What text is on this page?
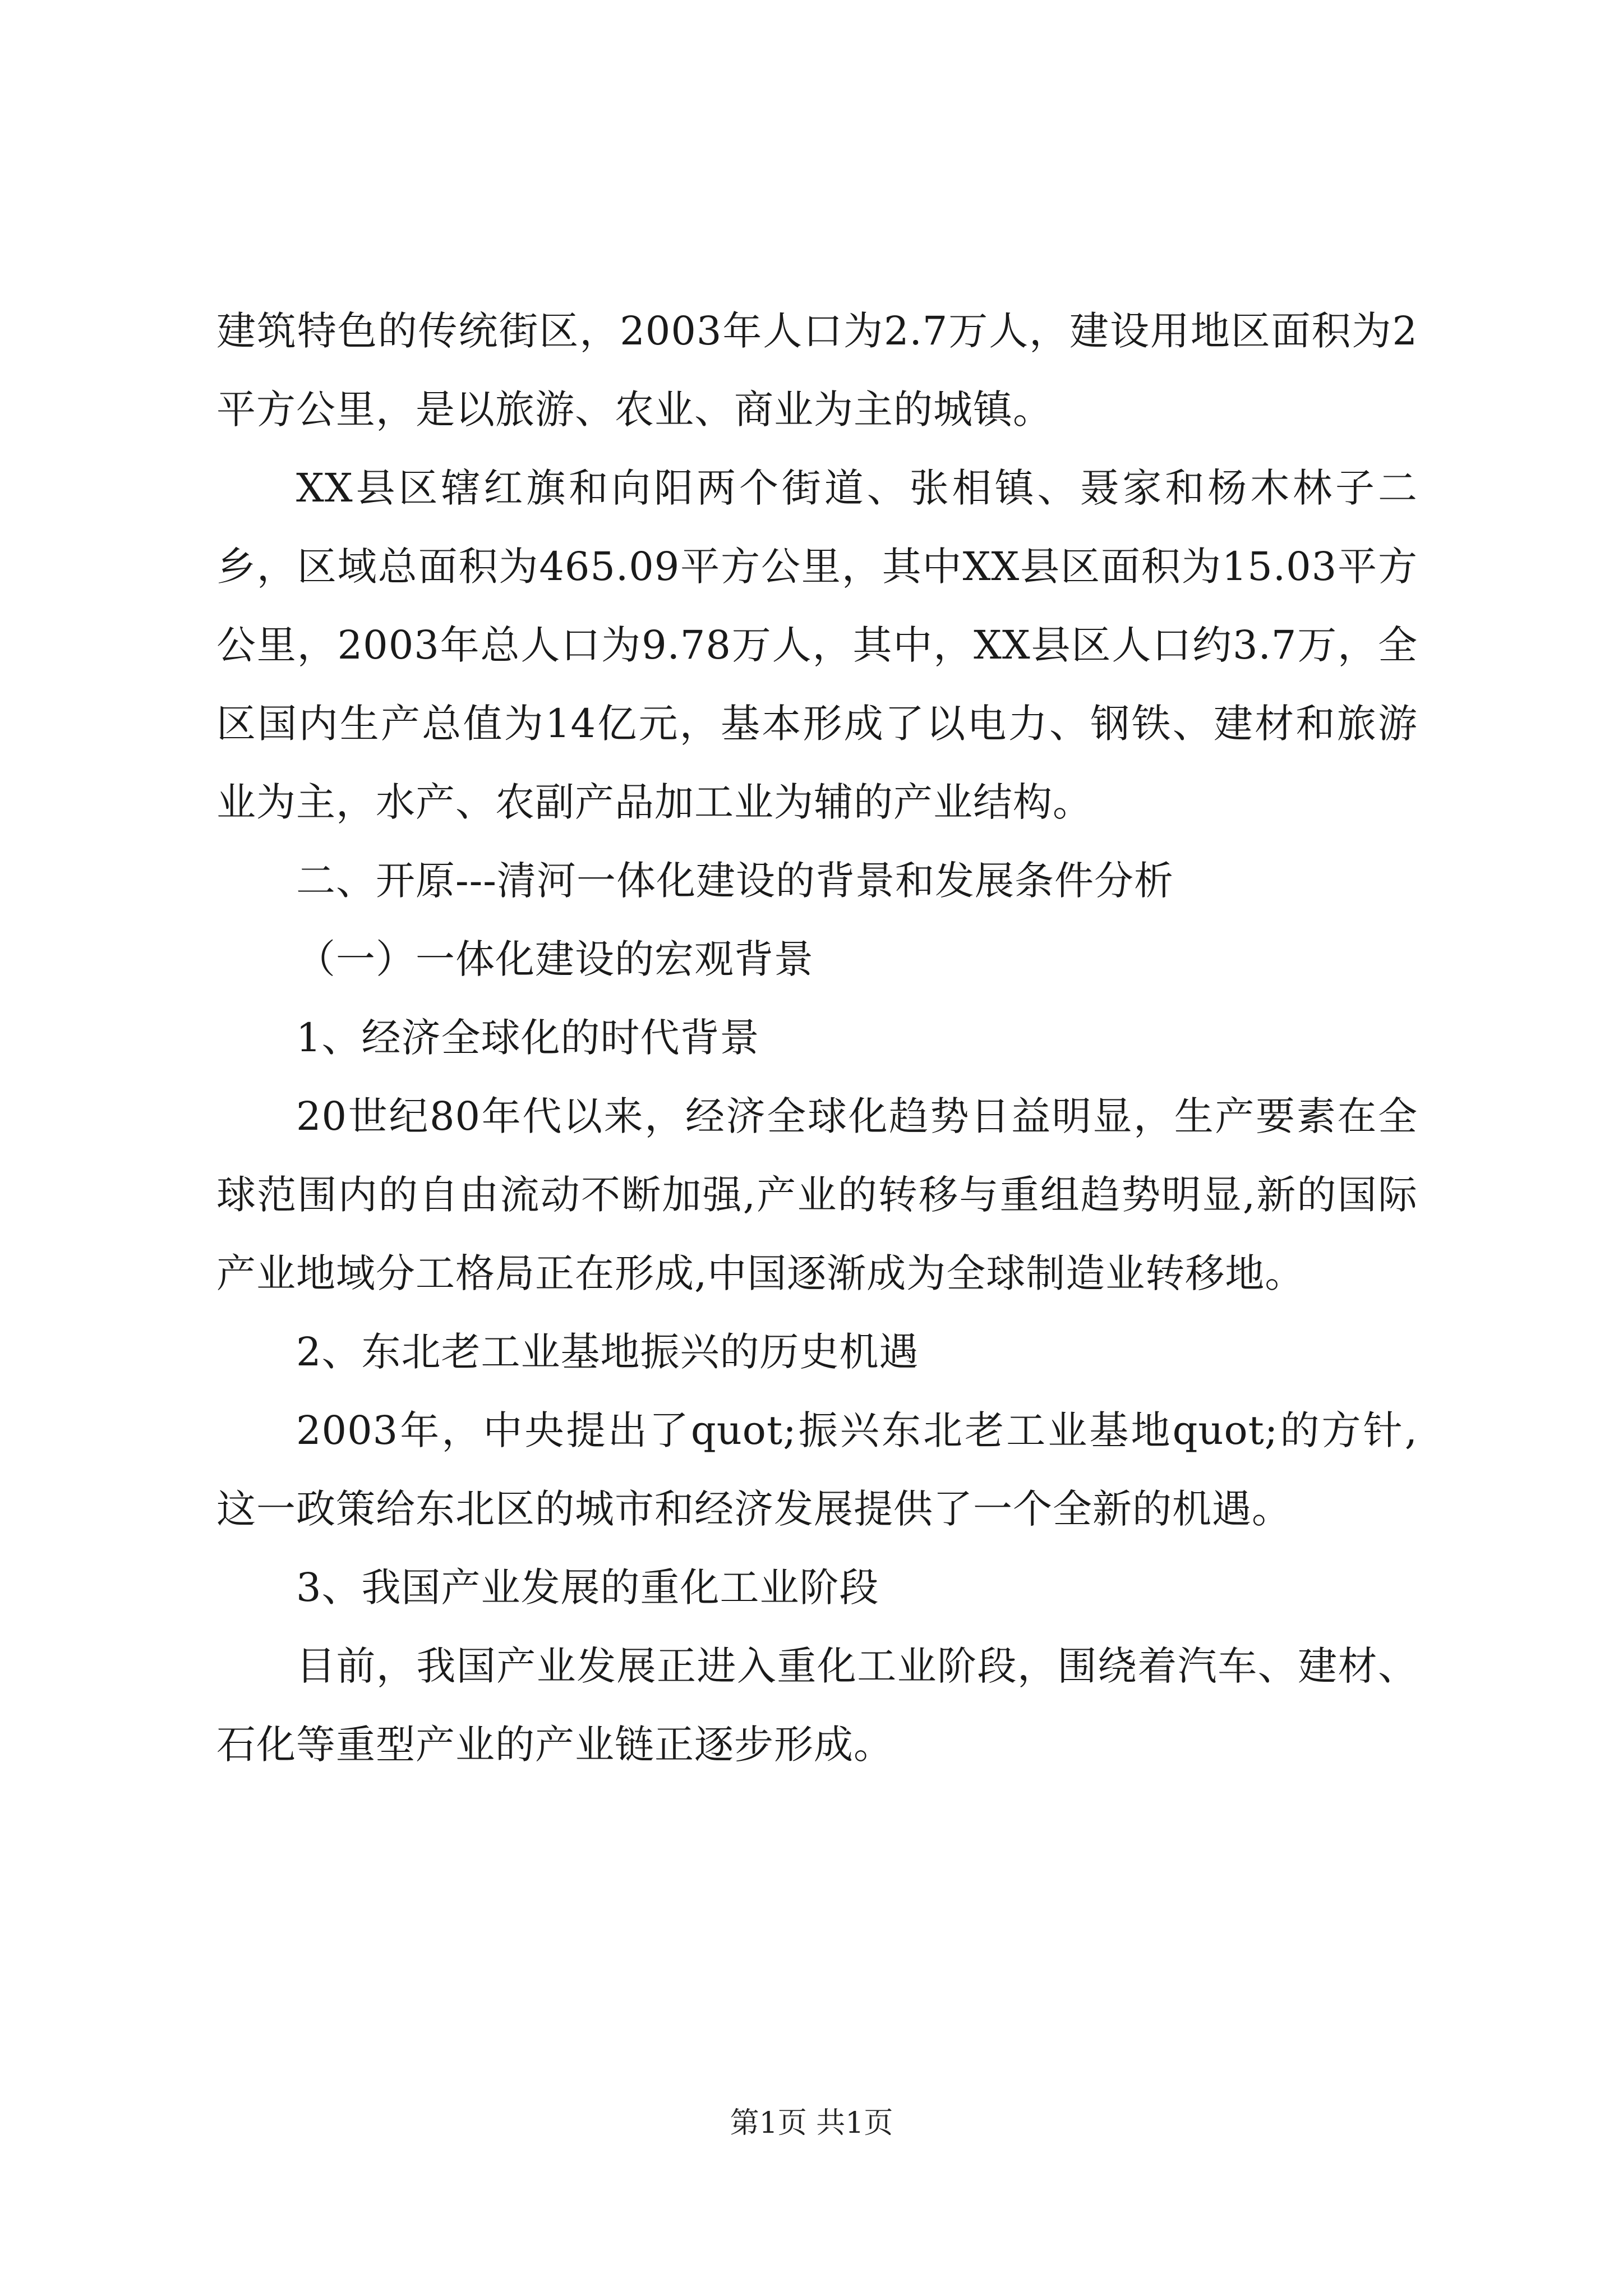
建筑特色的传统街区，2003年人口为2.7万人，建设用地区面积为2平方公里，是以旅游、农业、商业为主的城镇。

XX县区辖红旗和向阳两个街道、张相镇、聂家和杨木林子二乡，区域总面积为465.09平方公里，其中XX县区面积为15.03平方公里，2003年总人口为9.78万人，其中，XX县区人口约3.7万，全区国内生产总值为14亿元，基本形成了以电力、钢铁、建材和旅游业为主，水产、农副产品加工业为辅的产业结构。

二、开原---清河一体化建设的背景和发展条件分析

（一）一体化建设的宏观背景

1、经济全球化的时代背景

20世纪80年代以来，经济全球化趋势日益明显，生产要素在全球范围内的自由流动不断加强,产业的转移与重组趋势明显,新的国际产业地域分工格局正在形成,中国逐渐成为全球制造业转移地。

2、东北老工业基地振兴的历史机遇

2003年，中央提出了quot;振兴东北老工业基地quot;的方针,这一政策给东北区的城市和经济发展提供了一个全新的机遇。

3、我国产业发展的重化工业阶段

目前，我国产业发展正进入重化工业阶段，围绕着汽车、建材、石化等重型产业的产业链正逐步形成。

第1页 共1页
